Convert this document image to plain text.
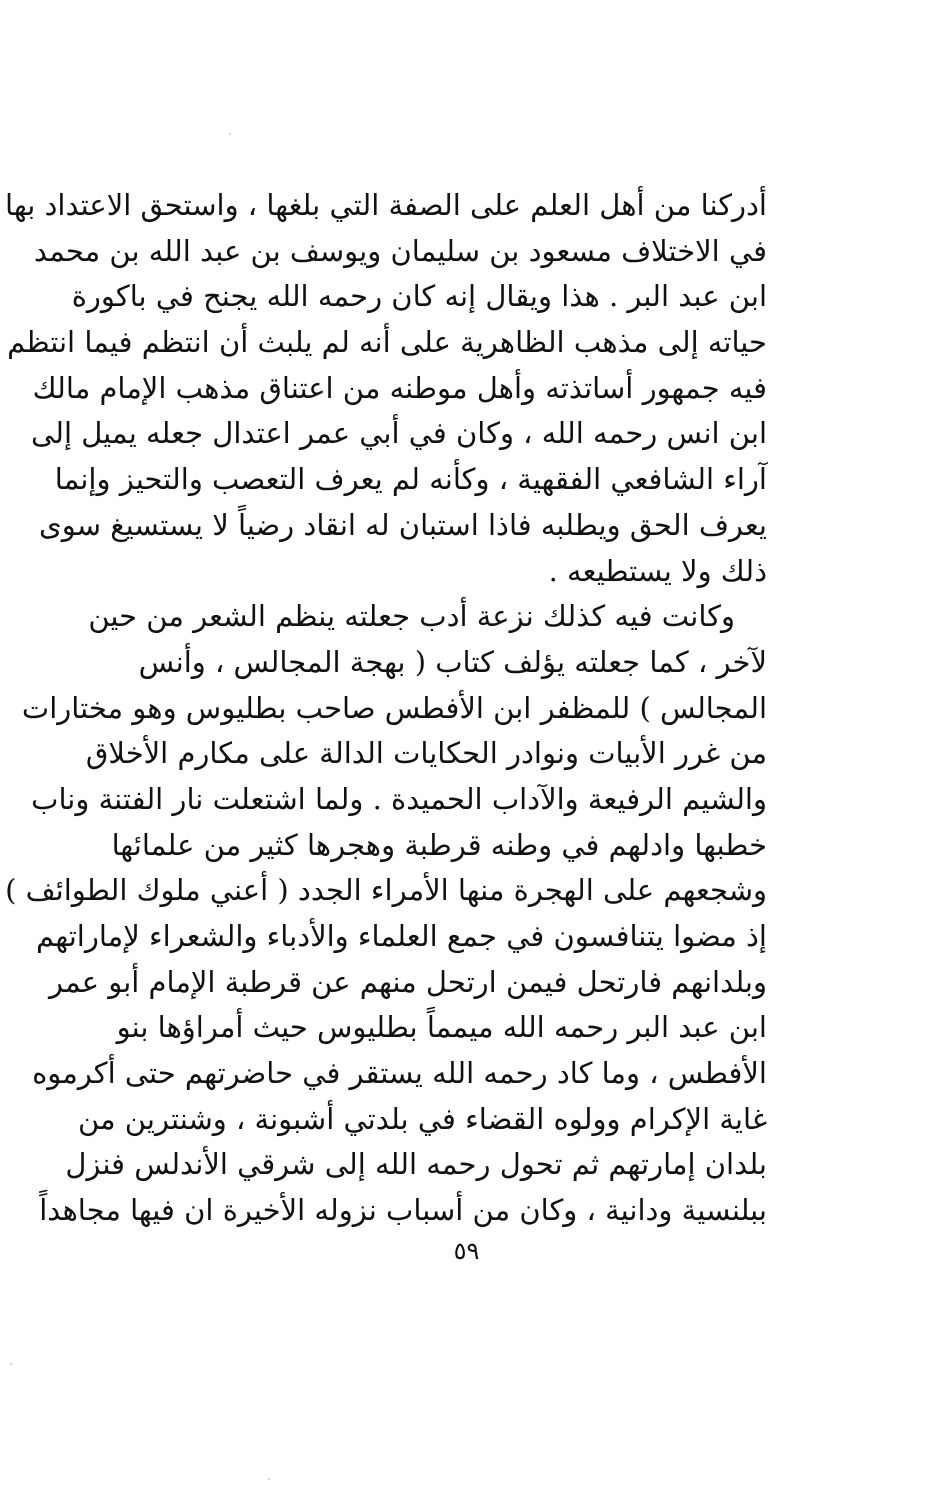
أدركنا من أهل العلم على الصفة التي بلغها ، واستحق الاعتداد بها
في الاختلاف مسعود بن سليمان ويوسف بن عبد الله بن محمد
ابن عبد البر . هذا ويقال إنه كان رحمه الله يجنح في باكورة
حياته إلى مذهب الظاهرية على أنه لم يلبث أن انتظم فيما انتظم
فيه جمهور أساتذته وأهل موطنه من اعتناق مذهب الإمام مالك
ابن انس رحمه الله ، وكان في أبي عمر اعتدال جعله يميل إلى
آراء الشافعي الفقهية ، وكأنه لم يعرف التعصب والتحيز وإنما
يعرف الحق ويطلبه فاذا استبان له انقاد رضياً لا يستسيغ سوى
ذلك ولا يستطيعه .
وكانت فيه كذلك نزعة أدب جعلته ينظم الشعر من حين
لآخر ، كما جعلته يؤلف كتاب ( بهجة المجالس ، وأنس
المجالس ) للمظفر ابن الأفطس صاحب بطليوس وهو مختارات
من غرر الأبيات ونوادر الحكايات الدالة على مكارم الأخلاق
والشيم الرفيعة والآداب الحميدة . ولما اشتعلت نار الفتنة وناب
خطبها وادلهم في وطنه قرطبة وهجرها كثير من علمائها
وشجعهم على الهجرة منها الأمراء الجدد ( أعني ملوك الطوائف )
إذ مضوا يتنافسون في جمع العلماء والأدباء والشعراء لإماراتهم
وبلدانهم فارتحل فيمن ارتحل منهم عن قرطبة الإمام أبو عمر
ابن عبد البر رحمه الله ميمماً بطليوس حيث أمراؤها بنو
الأفطس ، وما كاد رحمه الله يستقر في حاضرتهم حتى أكرموه
غاية الإكرام وولوه القضاء في بلدتي أشبونة ، وشنترين من
بلدان إمارتهم ثم تحول رحمه الله إلى شرقي الأندلس فنزل
ببلنسية ودانية ، وكان من أسباب نزوله الأخيرة ان فيها مجاهداً
٥٩
